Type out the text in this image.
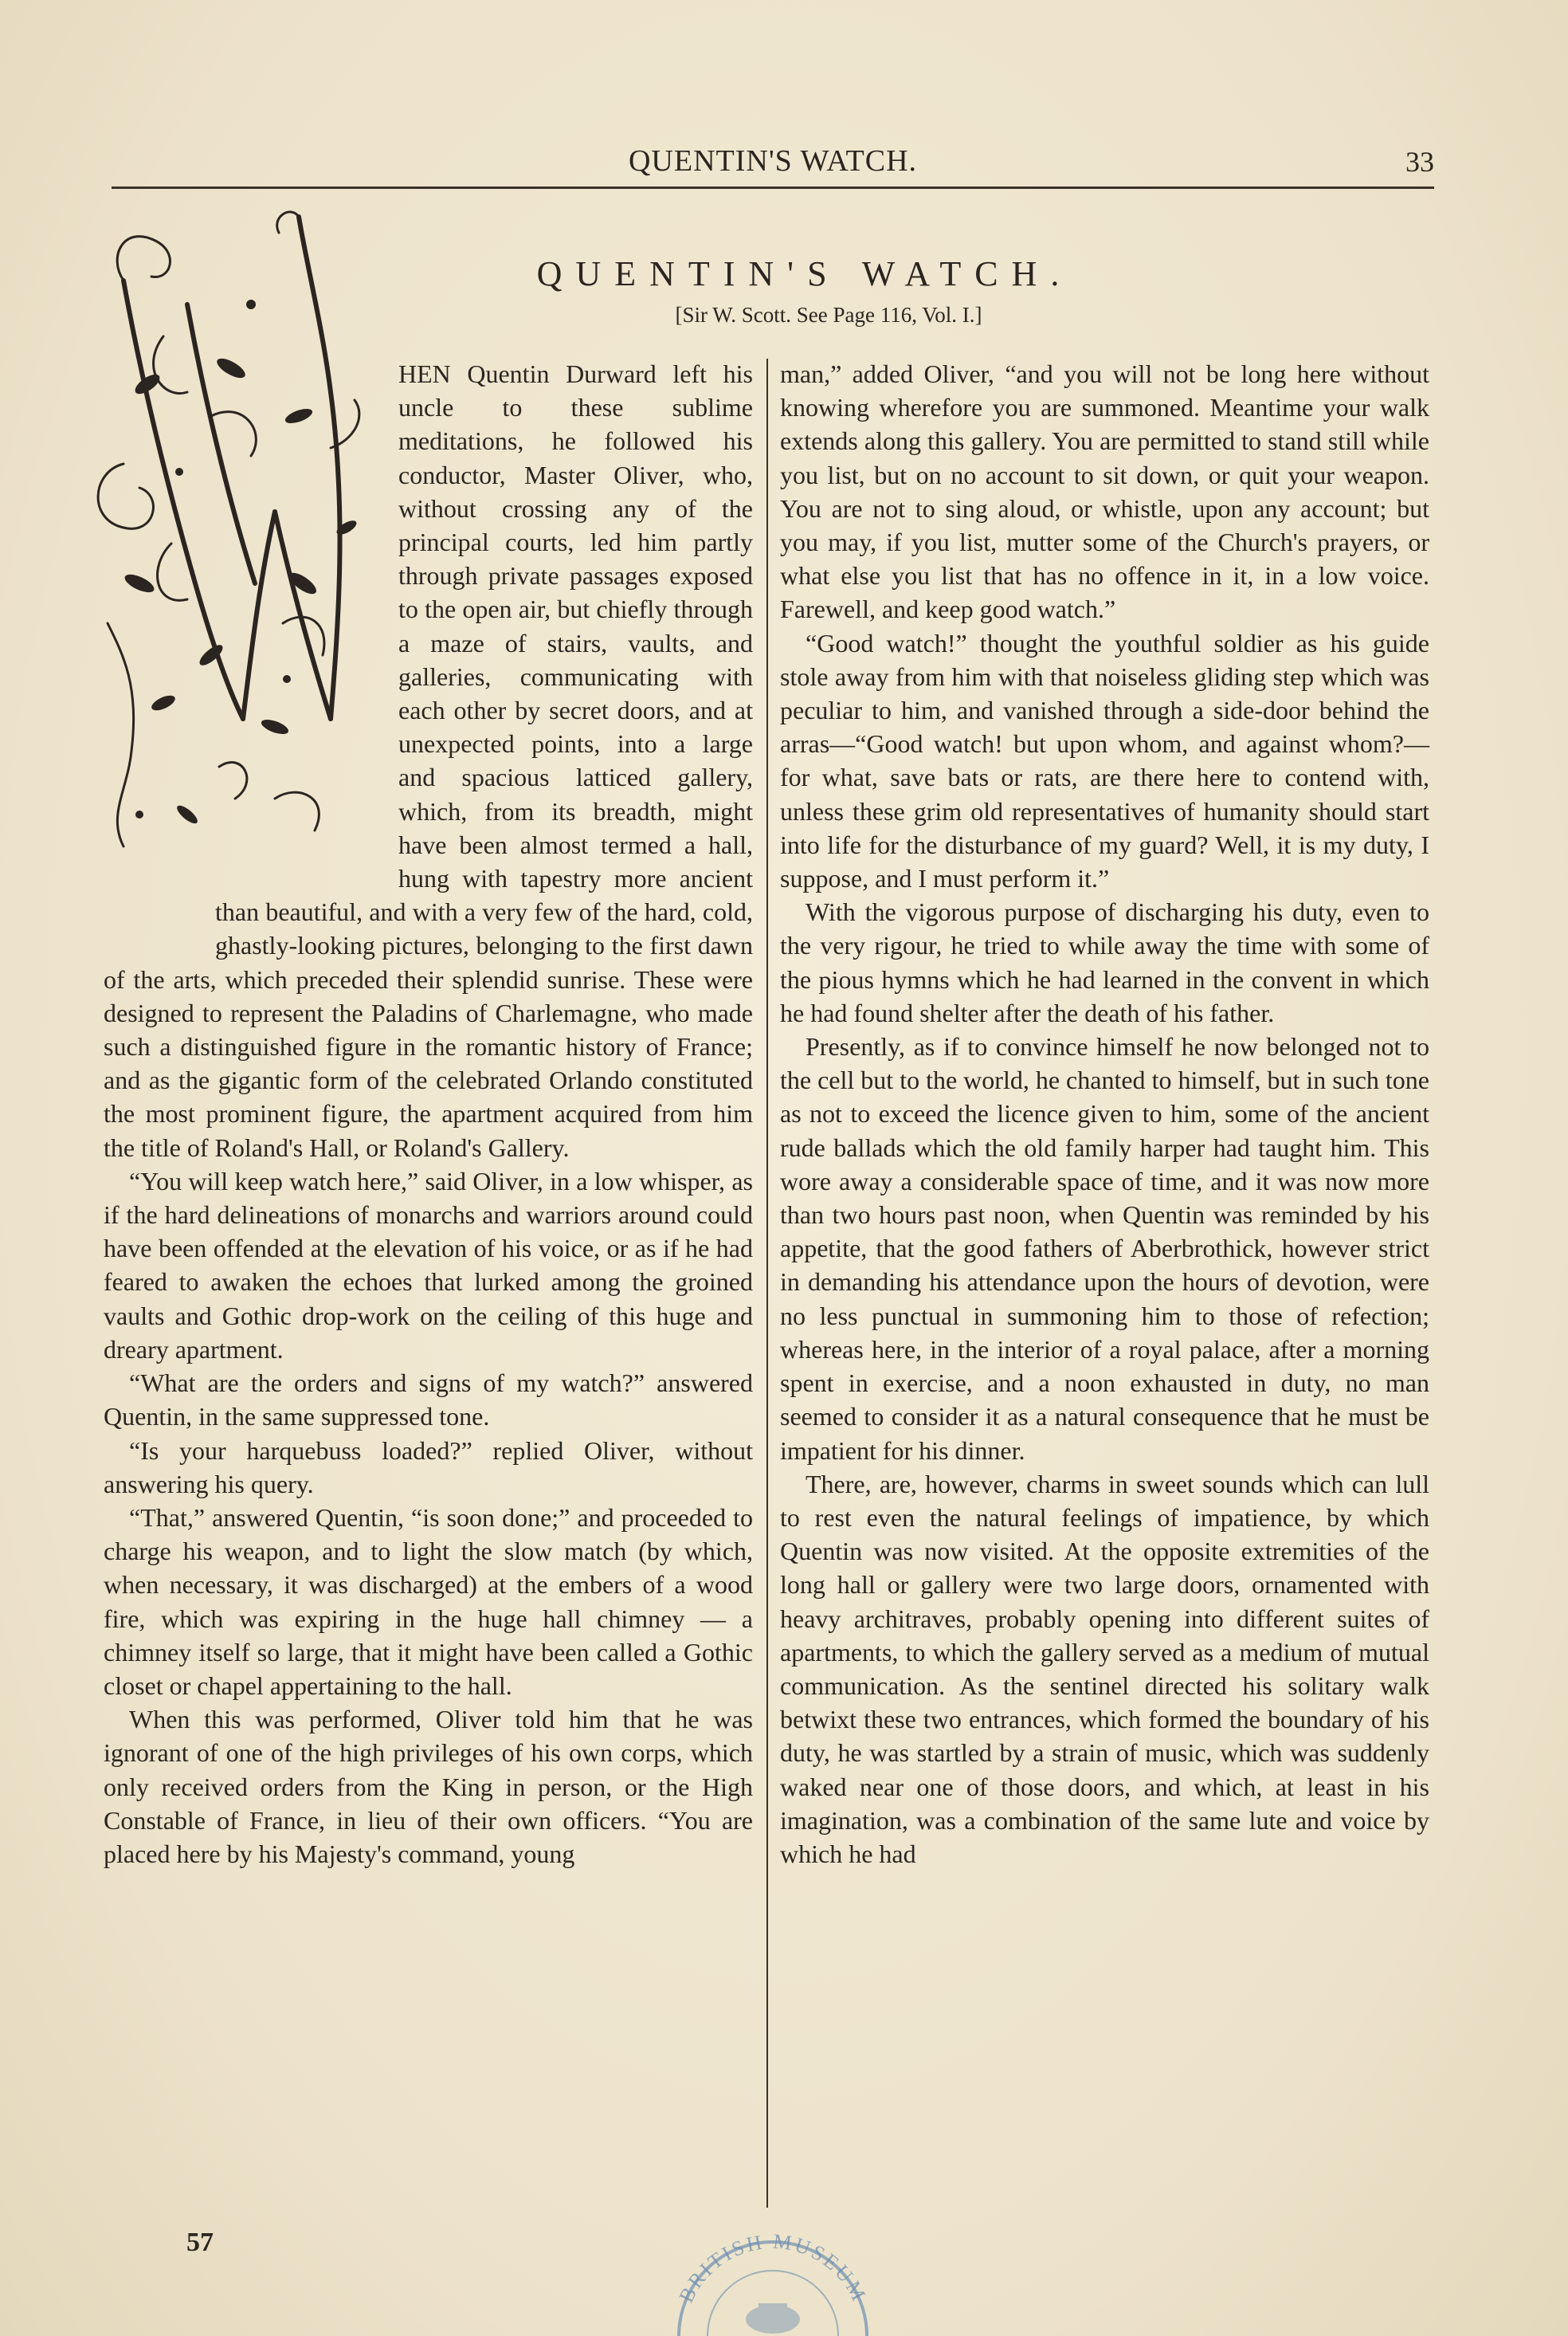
QUENTIN'S WATCH.	33
QUENTIN'S WATCH.
[Sir W. Scott. See Page 116, Vol. I.]

HEN Quentin Durward left his uncle to these sublime meditations, he followed his conductor, Master Oliver, who, without crossing any of the principal courts, led him partly through private passages exposed to the open air, but chiefly through a maze of stairs, vaults, and galleries, communicating with each other by secret doors, and at unexpected points, into a large and spacious latticed gallery, which, from its breadth, might have been almost termed a hall, hung with tapestry more ancient than beautiful, and with a very few of the hard, cold, ghastly-looking pictures, belonging to the first dawn of the arts, which preceded their splendid sunrise. These were designed to represent the Paladins of Charlemagne, who made such a distinguished figure in the romantic history of France; and as the gigantic form of the celebrated Orlando constituted the most prominent figure, the apartment acquired from him the title of Roland's Hall, or Roland's Gallery.

“You will keep watch here,” said Oliver, in a low whisper, as if the hard delineations of monarchs and warriors around could have been offended at the elevation of his voice, or as if he had feared to awaken the echoes that lurked among the groined vaults and Gothic drop-work on the ceiling of this huge and dreary apartment.

“What are the orders and signs of my watch?” answered Quentin, in the same suppressed tone.

“Is your harquebuss loaded?” replied Oliver, without answering his query.

“That,” answered Quentin, “is soon done;” and proceeded to charge his weapon, and to light the slow match (by which, when necessary, it was discharged) at the embers of a wood fire, which was expiring in the huge hall chimney — a chimney itself so large, that it might have been called a Gothic closet or chapel appertaining to the hall.

When this was performed, Oliver told him that he was ignorant of one of the high privileges of his own corps, which only received orders from the King in person, or the High Constable of France, in lieu of their own officers. “You are placed here by his Majesty's command, young

man,” added Oliver, “and you will not be long here without knowing wherefore you are summoned. Meantime your walk extends along this gallery. You are permitted to stand still while you list, but on no account to sit down, or quit your weapon. You are not to sing aloud, or whistle, upon any account; but you may, if you list, mutter some of the Church's prayers, or what else you list that has no offence in it, in a low voice. Farewell, and keep good watch.”

“Good watch!” thought the youthful soldier as his guide stole away from him with that noiseless gliding step which was peculiar to him, and vanished through a side-door behind the arras—“Good watch! but upon whom, and against whom?—for what, save bats or rats, are there here to contend with, unless these grim old representatives of humanity should start into life for the disturbance of my guard? Well, it is my duty, I suppose, and I must perform it.”

With the vigorous purpose of discharging his duty, even to the very rigour, he tried to while away the time with some of the pious hymns which he had learned in the convent in which he had found shelter after the death of his father.

Presently, as if to convince himself he now belonged not to the cell but to the world, he chanted to himself, but in such tone as not to exceed the licence given to him, some of the ancient rude ballads which the old family harper had taught him. This wore away a considerable space of time, and it was now more than two hours past noon, when Quentin was reminded by his appetite, that the good fathers of Aberbrothick, however strict in demanding his attendance upon the hours of devotion, were no less punctual in summoning him to those of refection; whereas here, in the interior of a royal palace, after a morning spent in exercise, and a noon exhausted in duty, no man seemed to consider it as a natural consequence that he must be impatient for his dinner.

There, are, however, charms in sweet sounds which can lull to rest even the natural feelings of impatience, by which Quentin was now visited. At the opposite extremities of the long hall or gallery were two large doors, ornamented with heavy architraves, probably opening into different suites of apartments, to which the gallery served as a medium of mutual communication. As the sentinel directed his solitary walk betwixt these two entrances, which formed the boundary of his duty, he was startled by a strain of music, which was suddenly waked near one of those doors, and which, at least in his imagination, was a combination of the same lute and voice by which he had

57
BRITISH MUSEUM
